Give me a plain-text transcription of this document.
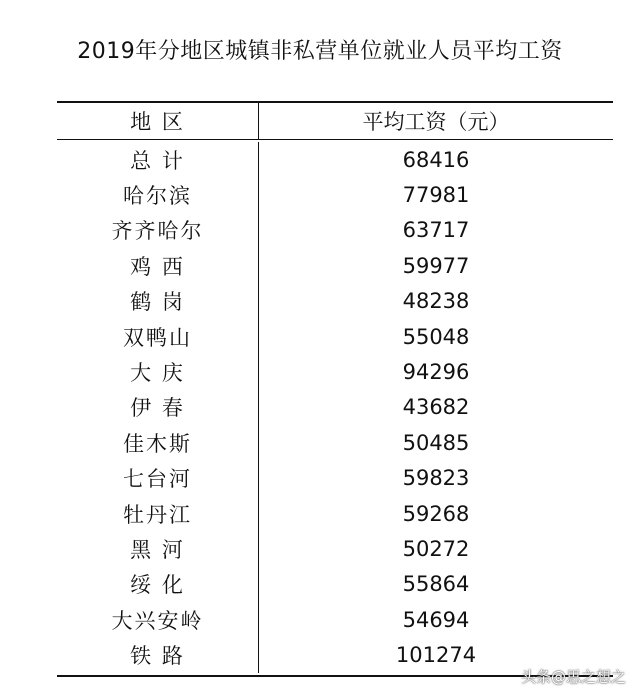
2019年分地区城镇非私营单位就业人员平均工资
地 区	平均工资（元）
总 计	68416
哈尔滨	77981
齐齐哈尔	63717
鸡 西	59977
鹤 岗	48238
双鸭山	55048
大 庆	94296
伊 春	43682
佳木斯	50485
七台河	59823
牡丹江	59268
黑 河	50272
绥 化	55864
大兴安岭	54694
铁 路	101274
头条@思之想之
